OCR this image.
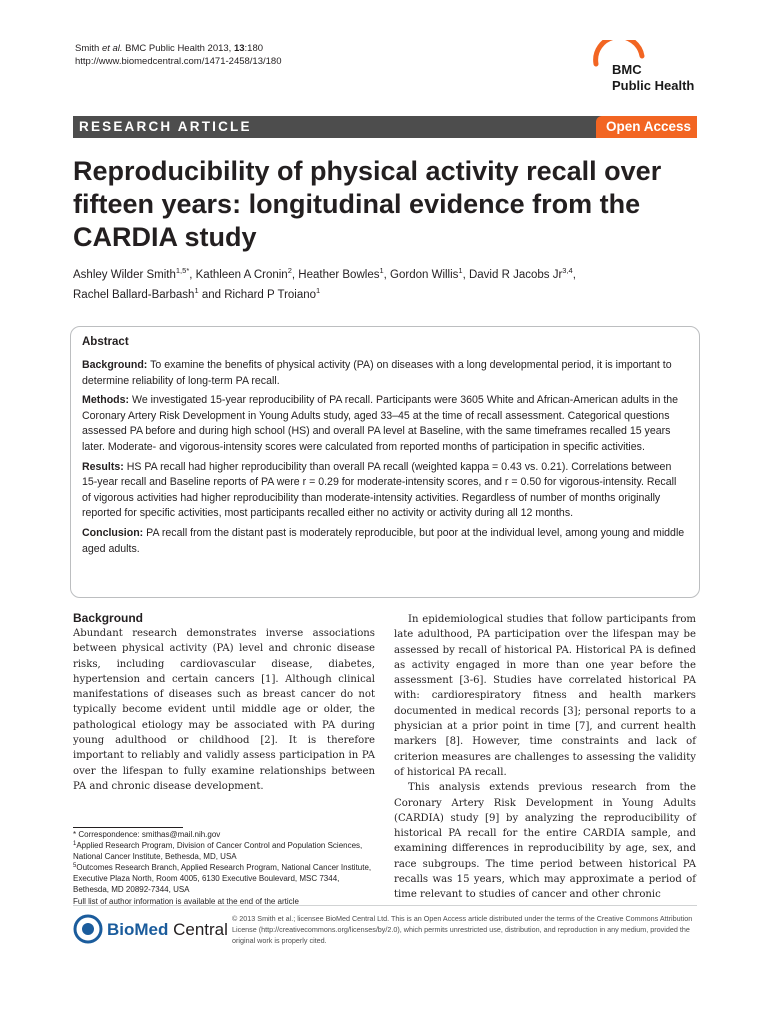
Smith et al. BMC Public Health 2013, 13:180
http://www.biomedcentral.com/1471-2458/13/180
BMC
Public Health
RESEARCH ARTICLE	Open Access
Reproducibility of physical activity recall over fifteen years: longitudinal evidence from the CARDIA study
Ashley Wilder Smith$^{1,5*}$, Kathleen A Cronin$^2$, Heather Bowles$^1$, Gordon Willis$^1$, David R Jacobs Jr$^{3,4}$,
Rachel Ballard-Barbash$^1$ and Richard P Troiano$^1$
Abstract

Background: To examine the benefits of physical activity (PA) on diseases with a long developmental period, it is important to determine reliability of long-term PA recall.

Methods: We investigated 15-year reproducibility of PA recall. Participants were 3605 White and African-American adults in the Coronary Artery Risk Development in Young Adults study, aged 33–45 at the time of recall assessment. Categorical questions assessed PA before and during high school (HS) and overall PA level at Baseline, with the same timeframes recalled 15 years later. Moderate- and vigorous-intensity scores were calculated from reported months of participation in specific activities.

Results: HS PA recall had higher reproducibility than overall PA recall (weighted kappa = 0.43 vs. 0.21). Correlations between 15-year recall and Baseline reports of PA were r = 0.29 for moderate-intensity scores, and r = 0.50 for vigorous-intensity. Recall of vigorous activities had higher reproducibility than moderate-intensity activities. Regardless of number of months originally reported for specific activities, most participants recalled either no activity or activity during all 12 months.

Conclusion: PA recall from the distant past is moderately reproducible, but poor at the individual level, among young and middle aged adults.

Background

Abundant research demonstrates inverse associations between physical activity (PA) level and chronic disease risks, including cardiovascular disease, diabetes, hypertension and certain cancers [1]. Although clinical manifestations of diseases such as breast cancer do not typically become evident until middle age or older, the pathological etiology may be associated with PA during young adulthood or childhood [2]. It is therefore important to reliably and validly assess participation in PA over the lifespan to fully examine relationships between PA and chronic disease development.

In epidemiological studies that follow participants from late adulthood, PA participation over the lifespan may be assessed by recall of historical PA. Historical PA is defined as activity engaged in more than one year before the assessment [3-6]. Studies have correlated historical PA with: cardiorespiratory fitness and health markers documented in medical records [3]; personal reports to a physician at a prior point in time [7], and current health markers [8]. However, time constraints and lack of criterion measures are challenges to assessing the validity of historical PA recall.

This analysis extends previous research from the Coronary Artery Risk Development in Young Adults (CARDIA) study [9] by analyzing the reproducibility of historical PA recall for the entire CARDIA sample, and examining differences in reproducibility by age, sex, and race subgroups. The time period between historical PA recalls was 15 years, which may approximate a period of time relevant to studies of cancer and other chronic

* Correspondence: smithas@mail.nih.gov
$^1$Applied Research Program, Division of Cancer Control and Population Sciences, National Cancer Institute, Bethesda, MD, USA
$^5$Outcomes Research Branch, Applied Research Program, National Cancer Institute, Executive Plaza North, Room 4005, 6130 Executive Boulevard, MSC 7344, Bethesda, MD 20892-7344, USA
Full list of author information is available at the end of the article
BioMed Central
© 2013 Smith et al.; licensee BioMed Central Ltd. This is an Open Access article distributed under the terms of the Creative Commons Attribution License (http://creativecommons.org/licenses/by/2.0), which permits unrestricted use, distribution, and reproduction in any medium, provided the original work is properly cited.
